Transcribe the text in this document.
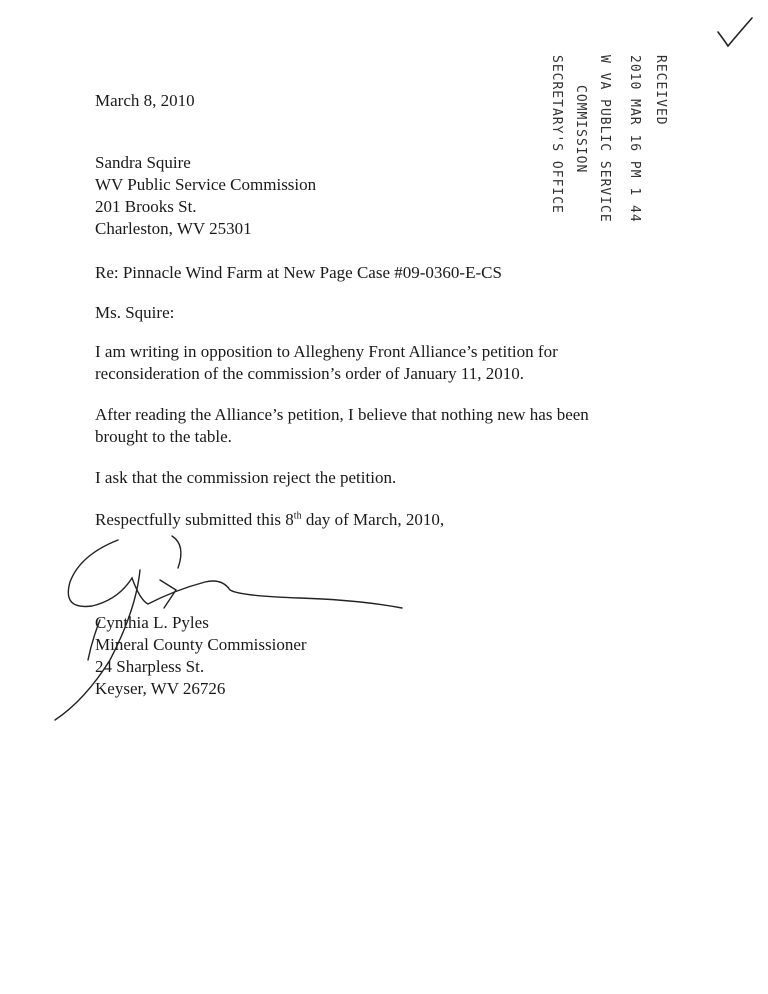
March 8, 2010
Sandra Squire
WV Public Service Commission
201 Brooks St.
Charleston, WV 25301
Re: Pinnacle Wind Farm at New Page Case #09-0360-E-CS
Ms. Squire:
I am writing in opposition to Allegheny Front Alliance’s petition for
reconsideration of the commission’s order of January 11, 2010.
After reading the Alliance’s petition, I believe that nothing new has been
brought to the table.
I ask that the commission reject the petition.
Respectfully submitted this 8th day of March, 2010,
Cynthia L. Pyles
Mineral County Commissioner
24 Sharpless St.
Keyser, WV 26726
RECEIVED
2010 MAR 16 PM 1 44
W VA PUBLIC SERVICE
COMMISSION
SECRETARY'S OFFICE
